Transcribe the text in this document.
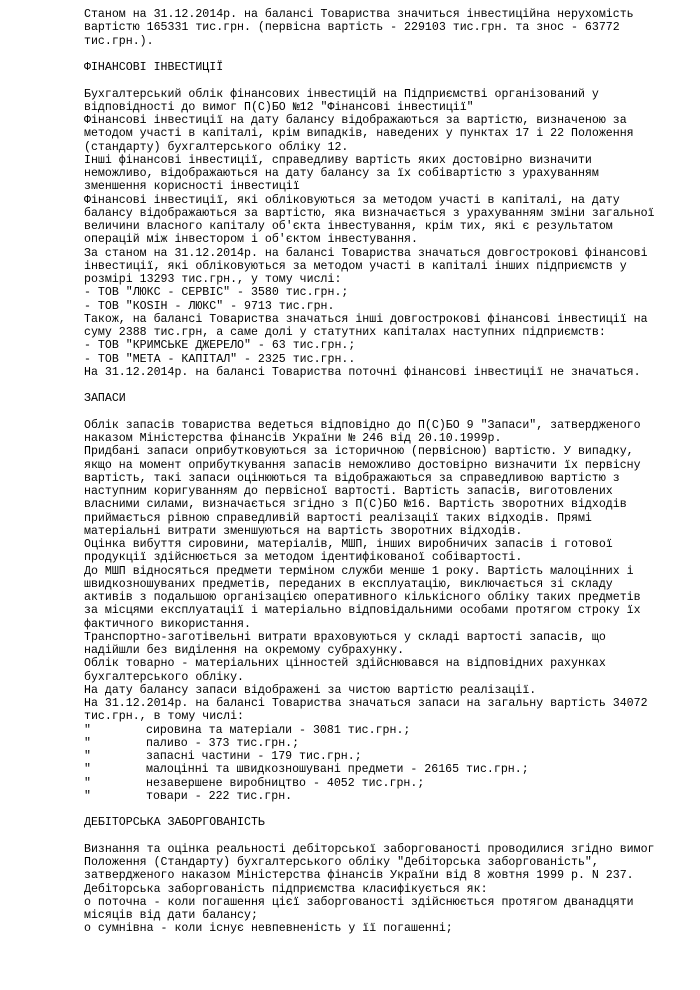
Станом на 31.12.2014р. на балансі Товариства значиться інвестиційна нерухомість
вартістю 165331 тис.грн. (первісна вартість - 229103 тис.грн. та знос - 63772
тис.грн.).
ФІНАНСОВІ ІНВЕСТИЦІЇ
Бухгалтерський облік фінансових інвестицій на Підприємстві організований у
відповідності до вимог П(С)БО №12 "Фінансові інвестиції"
Фінансові інвестиції на дату балансу відображаються за вартістю, визначеною за
методом участі в капіталі, крім випадків, наведених у пунктах 17 і 22 Положення
(стандарту) бухгалтерського обліку 12.
Інші фінансові інвестиції, справедливу вартість яких достовірно визначити
неможливо, відображаються на дату балансу за їх собівартістю з урахуванням
зменшення корисності інвестиції
Фінансові інвестиції, які обліковуються за методом участі в капіталі, на дату
балансу відображаються за вартістю, яка визначається з урахуванням зміни загальної
величини власного капіталу об'єкта інвестування, крім тих, які є результатом
операцій між інвестором і об'єктом інвестування.
За станом на 31.12.2014р. на балансі Товариства значаться довгострокові фінансові
інвестиції, які обліковуються за методом участі в капіталі інших підприємств у
розмірі 13293 тис.грн., у тому числі:
- ТОВ "ЛЮКС - СЕРВІС" - 3580 тис.грн.;
- ТОВ "КОSIН - ЛЮКС" - 9713 тис.грн.
Також, на балансі Товариства значаться інші довгострокові фінансові інвестиції на
суму 2388 тис.грн, а саме долі у статутних капіталах наступних підприємств:
- ТОВ "КРИМСЬКЕ ДЖЕРЕЛО" - 63 тис.грн.;
- ТОВ "МЕТА - КАПІТАЛ" - 2325 тис.грн..
На 31.12.2014р. на балансі Товариства поточні фінансові інвестиції не значаться.
ЗАПАСИ
Облік запасів товариства ведеться відповідно до П(С)БО 9 "Запаси", затвердженого
наказом Міністерства фінансів України № 246 від 20.10.1999р.
Придбані запаси оприбутковуються за історичною (первісною) вартістю. У випадку,
якщо на момент оприбуткування запасів неможливо достовірно визначити їх первісну
вартість, такі запаси оцінюються та відображаються за справедливою вартістю з
наступним коригуванням до первісної вартості. Вартість запасів, виготовлених
власними силами, визначається згідно з П(С)БО №16. Вартість зворотних відходів
приймається рівною справедливій вартості реалізації таких відходів. Прямі
матеріальні витрати зменшуються на вартість зворотних відходів.
Оцінка вибуття сировини, матеріалів, МШП, інших виробничих запасів і готової
продукції здійснюється за методом ідентифікованої собівартості.
До МШП відносяться предмети терміном служби менше 1 року. Вартість малоцінних і
швидкозношуваних предметів, переданих в експлуатацію, виключається зі складу
активів з подальшою організацією оперативного кількісного обліку таких предметів
за місцями експлуатації і матеріально відповідальними особами протягом строку їх
фактичного використання.
Транспортно-заготівельні витрати враховуються у складі вартості запасів, що
надійшли без виділення на окремому субрахунку.
Облік товарно - матеріальних цінностей здійснювався на відповідних рахунках
бухгалтерського обліку.
На дату балансу запаси відображені за чистою вартістю реалізації.
На 31.12.2014р. на балансі Товариства значаться запаси на загальну вартість 34072
тис.грн., в тому числі:
"	сировина та матеріали - 3081 тис.грн.;
"	паливо - 373 тис.грн.;
"	запасні частини - 179 тис.грн.;
"	малоцінні та швидкозношувані предмети - 26165 тис.грн.;
"	незавершене виробництво - 4052 тис.грн.;
"	товари - 222 тис.грн.
ДЕБІТОРСЬКА ЗАБОРГОВАНІСТЬ
Визнання та оцінка реальності дебіторської заборгованості проводилися згідно вимог
Положення (Стандарту) бухгалтерського обліку "Дебіторська заборгованість",
затвердженого наказом Міністерства фінансів України від 8 жовтня 1999 р. N 237.
Дебіторська заборгованість підприємства класифікується як:
о поточна - коли погашення цієї заборгованості здійснюється протягом дванадцяти
місяців від дати балансу;
о сумнівна - коли існує невпевненість у її погашенні;
